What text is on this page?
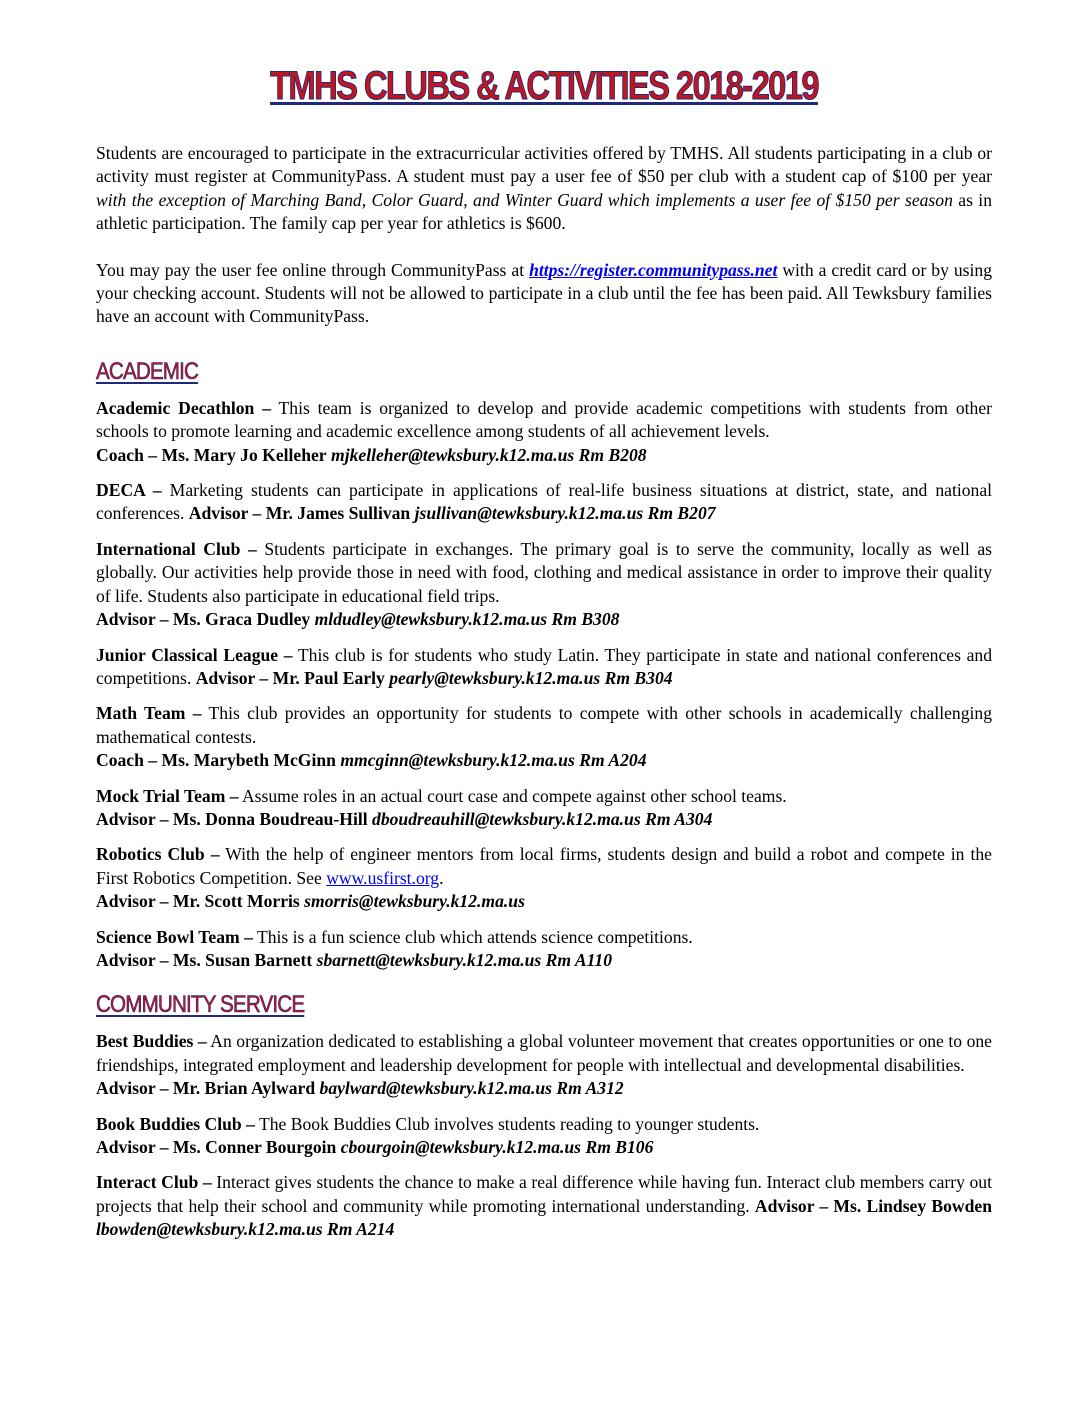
TMHS CLUBS & ACTIVITIES 2018-2019

Students are encouraged to participate in the extracurricular activities offered by TMHS. All students participating in a club or activity must register at CommunityPass. A student must pay a user fee of $50 per club with a student cap of $100 per year with the exception of Marching Band, Color Guard, and Winter Guard which implements a user fee of $150 per season as in athletic participation. The family cap per year for athletics is $600.

You may pay the user fee online through CommunityPass at https://register.communitypass.net with a credit card or by using your checking account. Students will not be allowed to participate in a club until the fee has been paid. All Tewksbury families have an account with CommunityPass.

ACADEMIC

Academic Decathlon – This team is organized to develop and provide academic competitions with students from other schools to promote learning and academic excellence among students of all achievement levels.
Coach – Ms. Mary Jo Kelleher mjkelleher@tewksbury.k12.ma.us Rm B208

DECA – Marketing students can participate in applications of real-life business situations at district, state, and national conferences. Advisor – Mr. James Sullivan jsullivan@tewksbury.k12.ma.us Rm B207

International Club – Students participate in exchanges. The primary goal is to serve the community, locally as well as globally. Our activities help provide those in need with food, clothing and medical assistance in order to improve their quality of life. Students also participate in educational field trips.
Advisor – Ms. Graca Dudley mldudley@tewksbury.k12.ma.us Rm B308

Junior Classical League – This club is for students who study Latin. They participate in state and national conferences and competitions. Advisor – Mr. Paul Early pearly@tewksbury.k12.ma.us Rm B304

Math Team – This club provides an opportunity for students to compete with other schools in academically challenging mathematical contests.
Coach – Ms. Marybeth McGinn mmcginn@tewksbury.k12.ma.us Rm A204

Mock Trial Team – Assume roles in an actual court case and compete against other school teams.
Advisor – Ms. Donna Boudreau-Hill dboudreauhill@tewksbury.k12.ma.us Rm A304

Robotics Club – With the help of engineer mentors from local firms, students design and build a robot and compete in the First Robotics Competition. See www.usfirst.org.
Advisor – Mr. Scott Morris smorris@tewksbury.k12.ma.us

Science Bowl Team – This is a fun science club which attends science competitions.
Advisor – Ms. Susan Barnett sbarnett@tewksbury.k12.ma.us Rm A110

COMMUNITY SERVICE

Best Buddies – An organization dedicated to establishing a global volunteer movement that creates opportunities or one to one friendships, integrated employment and leadership development for people with intellectual and developmental disabilities.
Advisor – Mr. Brian Aylward baylward@tewksbury.k12.ma.us Rm A312

Book Buddies Club – The Book Buddies Club involves students reading to younger students.
Advisor – Ms. Conner Bourgoin cbourgoin@tewksbury.k12.ma.us Rm B106

Interact Club – Interact gives students the chance to make a real difference while having fun. Interact club members carry out projects that help their school and community while promoting international understanding. Advisor – Ms. Lindsey Bowden lbowden@tewksbury.k12.ma.us Rm A214
